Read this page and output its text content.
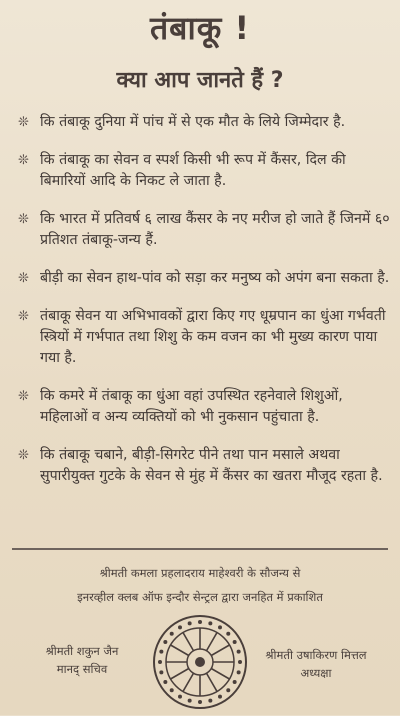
तंबाकू !
क्या आप जानते हैं ?
❊ कि तंबाकू दुनिया में पांच में से एक मौत के लिये जिम्मेदार है.
❊ कि तंबाकू का सेवन व स्पर्श किसी भी रूप में कैंसर, दिल की बिमारियों आदि के निकट ले जाता है.
❊ कि भारत में प्रतिवर्ष ६ लाख कैंसर के नए मरीज हो जाते हैं जिनमें ६० प्रतिशत तंबाकू-जन्य हैं.
❊ बीड़ी का सेवन हाथ-पांव को सड़ा कर मनुष्य को अपंग बना सकता है.
❊ तंबाकू सेवन या अभिभावकों द्वारा किए गए धूम्रपान का धुंआ गर्भवती स्त्रियों में गर्भपात तथा शिशु के कम वजन का भी मुख्य कारण पाया गया है.
❊ कि कमरे में तंबाकू का धुंआ वहां उपस्थित रहनेवाले शिशुओं, महिलाओं व अन्य व्यक्तियों को भी नुकसान पहुंचाता है.
❊ कि तंबाकू चबाने, बीड़ी-सिगरेट पीने तथा पान मसाले अथवा सुपारीयुक्त गुटके के सेवन से मुंह में कैंसर का खतरा मौजूद रहता है.
श्रीमती कमला प्रहलादराय माहेश्वरी के सौजन्य से
इनरव्हील क्लब ऑफ इन्दौर सेन्ट्रल द्वारा जनहित में प्रकाशित
श्रीमती शकुन जैन
मानद् सचिव
श्रीमती उषाकिरण मित्तल
अध्यक्षा
